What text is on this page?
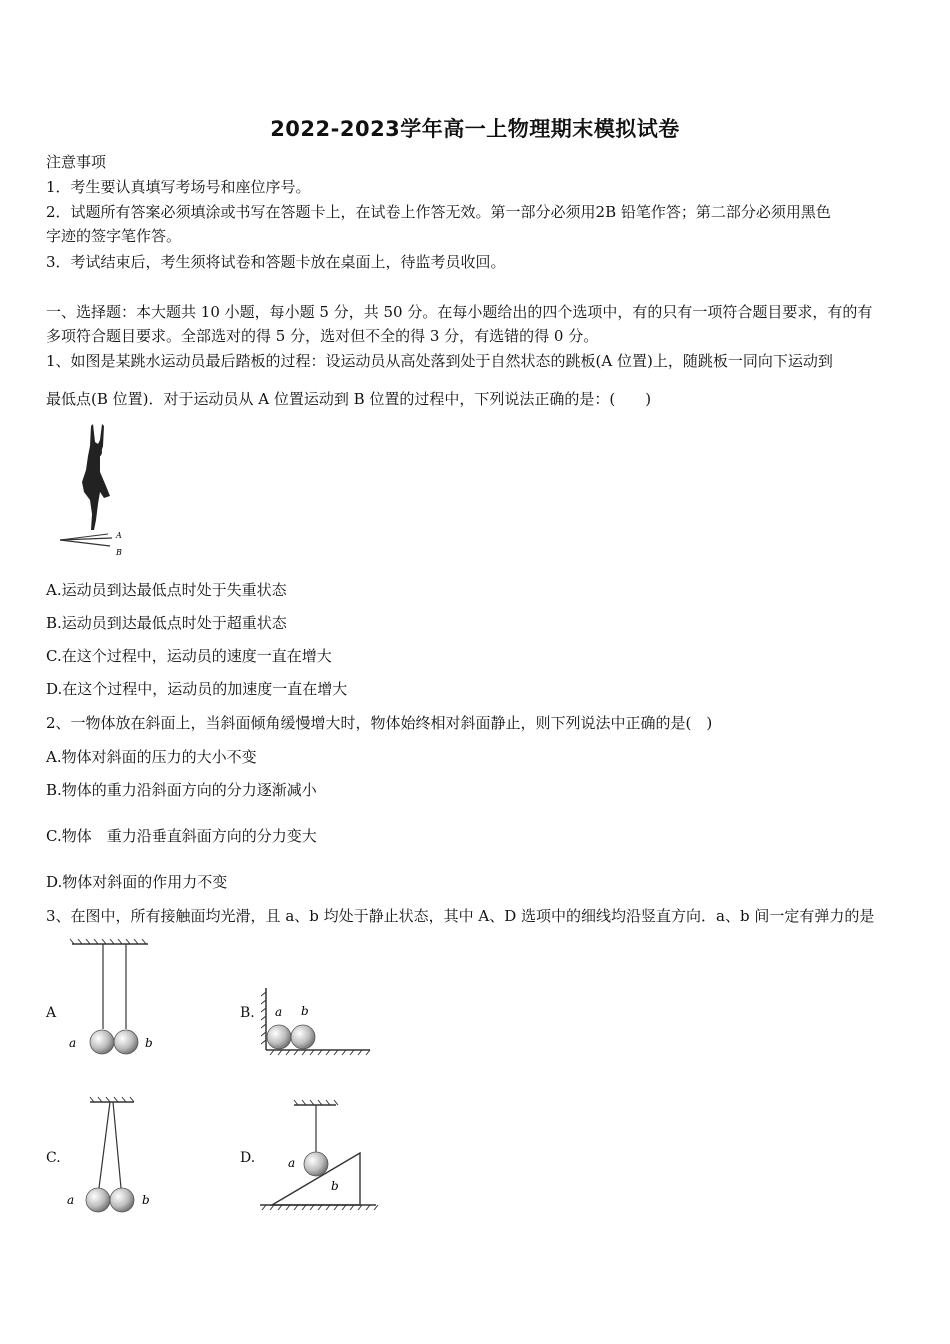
2022-2023学年高一上物理期末模拟试卷
注意事项
1．考生要认真填写考场号和座位序号。
2．试题所有答案必须填涂或书写在答题卡上，在试卷上作答无效。第一部分必须用2B 铅笔作答；第二部分必须用黑色
字迹的签字笔作答。
3．考试结束后，考生须将试卷和答题卡放在桌面上，待监考员收回。
一、选择题：本大题共 10 小题，每小题 5 分，共 50 分。在每小题给出的四个选项中，有的只有一项符合题目要求，有的有
多项符合题目要求。全部选对的得 5 分，选对但不全的得 3 分，有选错的得 0 分。
1、如图是某跳水运动员最后踏板的过程：设运动员从高处落到处于自然状态的跳板(A 位置)上，随跳板一同向下运动到
最低点(B 位置)．对于运动员从 A 位置运动到 B 位置的过程中，下列说法正确的是：(　　)
A
B
A.运动员到达最低点时处于失重状态
B.运动员到达最低点时处于超重状态
C.在这个过程中，运动员的速度一直在增大
D.在这个过程中，运动员的加速度一直在增大
2、一物体放在斜面上，当斜面倾角缓慢增大时，物体始终相对斜面静止，则下列说法中正确的是(　)
A.物体对斜面的压力的大小不变
B.物体的重力沿斜面方向的分力逐渐减小
C.物体　重力沿垂直斜面方向的分力变大
D.物体对斜面的作用力不变
3、在图中，所有接触面均光滑，且 a、b 均处于静止状态，其中 A、D 选项中的细线均沿竖直方向．a、b 间一定有弹力的是
A
a	b
B. a b
C.
a	b
D.	a
b
